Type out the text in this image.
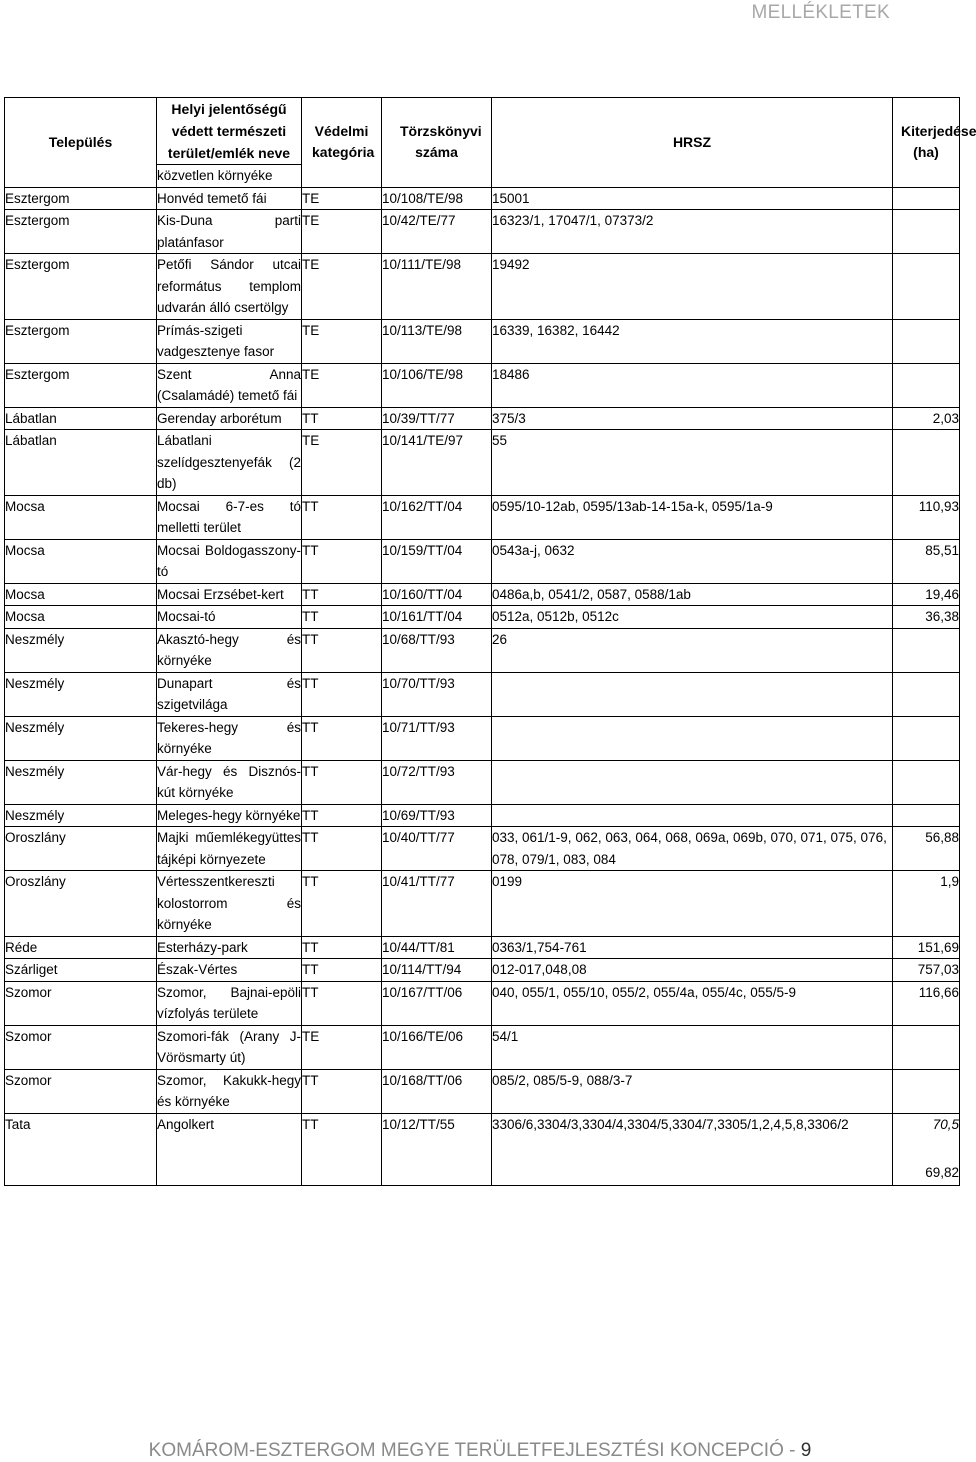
MELLÉKLETEK
Település	Helyi jelentőségű védett természeti terület/emlék neve	Védelmi kategória	Törzskönyvi száma	HRSZ	Kiterjedése (ha)

	közvetlen környéke				
Esztergom	Honvéd temető fái	TE	10/108/TE/98	15001	
Esztergom	Kis-Duna parti platánfasor	TE	10/42/TE/77	16323/1, 17047/1, 07373/2	
Esztergom	Petőfi Sándor utcai református templom udvarán álló csertölgy	TE	10/111/TE/98	19492	
Esztergom	Prímás-szigeti vadgesztenye fasor	TE	10/113/TE/98	16339, 16382, 16442	
Esztergom	Szent Anna (Csalamádé) temető fái	TE	10/106/TE/98	18486	
Lábatlan	Gerenday arborétum	TT	10/39/TT/77	375/3	2,03
Lábatlan	Lábatlani szelídgesztenyefák (2 db)	TE	10/141/TE/97	55	
Mocsa	Mocsai 6-7-es tó melletti terület	TT	10/162/TT/04	0595/10-12ab, 0595/13ab-14-15a-k, 0595/1a-9	110,93
Mocsa	Mocsai Boldogasszony-tó	TT	10/159/TT/04	0543a-j, 0632	85,51
Mocsa	Mocsai Erzsébet-kert	TT	10/160/TT/04	0486a,b, 0541/2, 0587, 0588/1ab	19,46
Mocsa	Mocsai-tó	TT	10/161/TT/04	0512a, 0512b, 0512c	36,38
Neszmély	Akasztó-hegy és környéke	TT	10/68/TT/93	26	
Neszmély	Dunapart és szigetvilága	TT	10/70/TT/93		
Neszmély	Tekeres-hegy és környéke	TT	10/71/TT/93		
Neszmély	Vár-hegy és Disznós-kút környéke	TT	10/72/TT/93		
Neszmély	Meleges-hegy környéke	TT	10/69/TT/93		
Oroszlány	Majki műemlékegyüttes tájképi környezete	TT	10/40/TT/77	033, 061/1-9, 062, 063, 064, 068, 069a, 069b, 070, 071, 075, 076, 078, 079/1, 083, 084	56,88
Oroszlány	Vértesszentkereszti kolostorrom és környéke	TT	10/41/TT/77	0199	1,9
Réde	Esterházy-park	TT	10/44/TT/81	0363/1,754-761	151,69
Szárliget	Észak-Vértes	TT	10/114/TT/94	012-017,048,08	757,03
Szomor	Szomor, Bajnai-epöli vízfolyás területe	TT	10/167/TT/06	040, 055/1, 055/10, 055/2, 055/4a, 055/4c, 055/5-9	116,66
Szomor	Szomori-fák (Arany J-Vörösmarty út)	TE	10/166/TE/06	54/1	
Szomor	Szomor, Kakukk-hegy és környéke	TT	10/168/TT/06	085/2, 085/5-9, 088/3-7	
Tata	Angolkert	TT	10/12/TT/55	3306/6,3304/3,3304/4,3304/5,3304/7,3305/1,2,4,5,8,3306/2	70,5
					69,82
KOMÁROM-ESZTERGOM MEGYE TERÜLETFEJLESZTÉSI KONCEPCIÓ - 9
